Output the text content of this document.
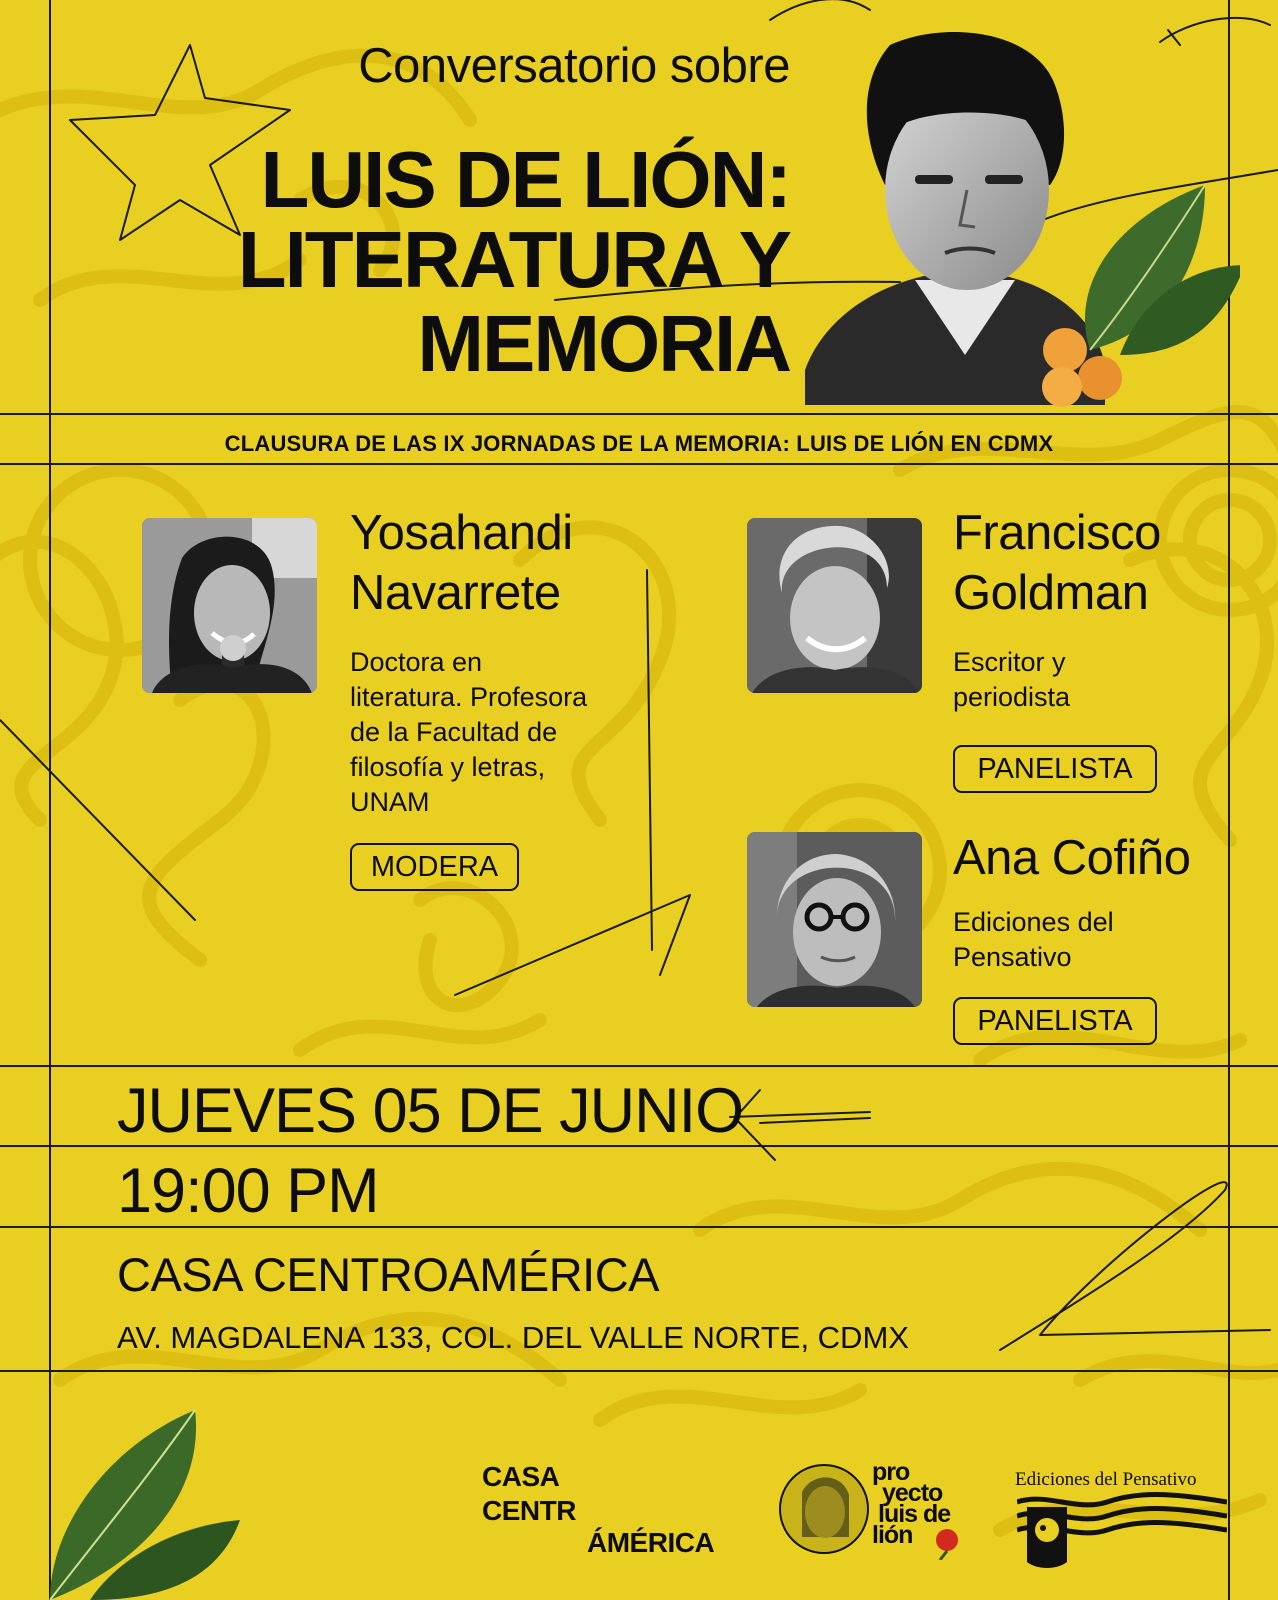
Conversatorio sobre
LUIS DE LIÓN:
LITERATURA Y
MEMORIA
CLAUSURA DE LAS IX JORNADAS DE LA MEMORIA: LUIS DE LIÓN EN CDMX
Yosahandi
Navarrete
Doctora en
literatura. Profesora
de la Facultad de
filosofía y letras,
UNAM
MODERA
Francisco
Goldman
Escritor y
periodista
PANELISTA
Ana Cofiño
Ediciones del
Pensativo
PANELISTA
JUEVES 05 DE JUNIO
19:00 PM
CASA CENTROAMÉRICA
AV. MAGDALENA 133, COL. DEL VALLE NORTE, CDMX
CASA
CENTR
ÁMÉRICA
pro
yecto
luis de
lión
Ediciones del Pensativo
